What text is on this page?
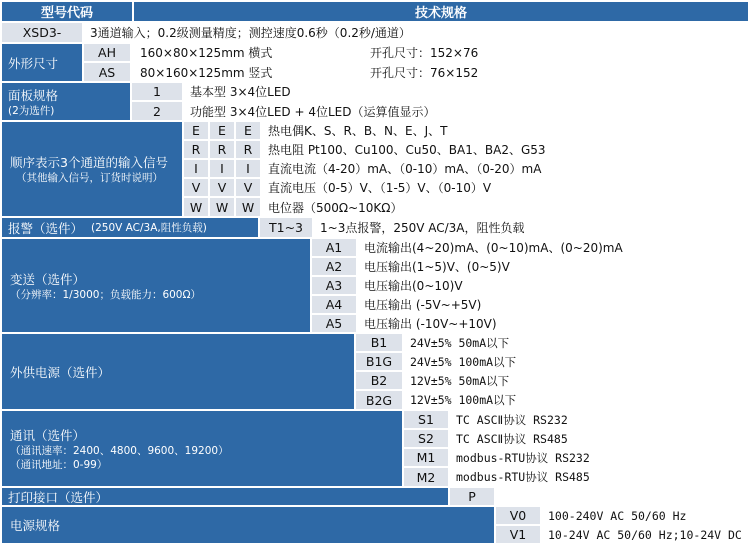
型号代码	技术规格
XSD3-	3通道输入；0.2级测量精度；测控速度0.6秒（0.2秒/通道）
外形尺寸
AH	160×80×125mm 横式	开孔尺寸：152×76
AS	80×160×125mm 竖式	开孔尺寸：76×152
面板规格
(2为选件)
1	基本型 3×4位LED
2	功能型 3×4位LED + 4位LED（运算值显示）
顺序表示3个通道的输入信号
（其他输入信号，订货时说明）
E	E	E	热电偶K、S、R、B、N、E、J、T
R	R	R	热电阻 Pt100、Cu100、Cu50、BA1、BA2、G53
I	I	I	直流电流（4-20）mA、（0-10）mA、（0-20）mA
V	V	V	直流电压（0-5）V、（1-5）V、（0-10）V
W	W	W	电位器（500Ω~10KΩ）
报警（选件） (250V AC/3A,阻性负载)	T1~3	1~3点报警，250V AC/3A，阻性负载
变送（选件）
（分辨率：1/3000；负载能力：600Ω）
A1	电流输出(4~20)mA、(0~10)mA、(0~20)mA
A2	电压输出(1~5)V、(0~5)V
A3	电压输出(0~10)V
A4	电压输出 (-5V~+5V)
A5	电压输出 (-10V~+10V)
外供电源（选件）
B1	24V±5% 50mA以下
B1G	24V±5% 100mA以下
B2	12V±5% 50mA以下
B2G	12V±5% 100mA以下
通讯（选件）
（通讯速率：2400、4800、9600、19200）
（通讯地址：0-99）
S1	TC ASCⅡ协议 RS232
S2	TC ASCⅡ协议 RS485
M1	modbus-RTU协议 RS232
M2	modbus-RTU协议 RS485
打印接口（选件）	P
电源规格
V0	100-240V AC 50/60 Hz
V1	10-24V AC 50/60 Hz;10-24V DC
